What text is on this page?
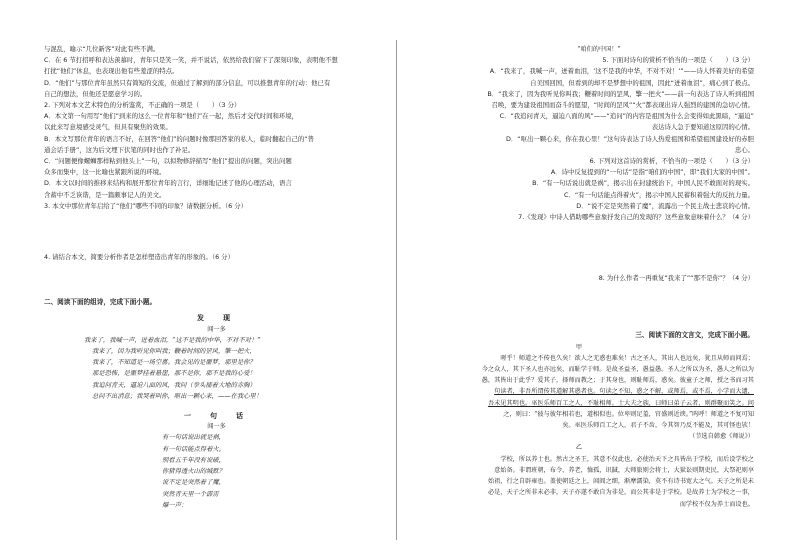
与混乱，喻示“几位新客”对此有些不满。

C．在 6 节打招呼和表达羡慕时，青年只是笑一笑，并不说话，依然给我们留下了深刻印象，表明他不想

打扰“他们”休息，也表现出他有些羞涩的特点。

D．“他们”与那位青年虽然只有简短的交流，但通过了解到的部分信息，可以推想青年的行动：他已有

自己的想法，但他还是愿意学习的。

2. 下列对本文艺术特色的分析鉴赏，不正确的一项是（　　）（3 分）

A．本文第一句用写“他们”到来的这么一位青年和“他们”在一起，然后才交代时间和环境，

以此来写意境感受灵气，但具有聚焦的效果。

B．本文写那位青年的语言不好，在回答“他们”的问题时像那回答家的私人，临时翻起自己的“普

通会话手册”，这为后文埋下伏笔的同时也作了补足。

C．“问题便像螺蛳那样粘到他头上”一句，以拟物修辞描写“他们”提出的问题，突出问题

众多而集中，这一比喻也紧跟所说的环境。

D．本文以时间的推移来结构和展开那位青年的言行，详细地记述了他的心理活动，语言

含蓄中不乏诙谐，是一篇颇事记人的美文。

3. 本文中那位青年启给了“他们”哪些不同的印象？请数据分析。（6 分）

4. 请结合本文，简要分析作者是怎样塑造出青年的形象的。（6 分）

二、阅读下面的组诗，完成下面小题。

发　现

闻一多

我来了，我喊一声，迸着血泪，“这不是我的中华，不对不对！”

我来了，因为我听见你叫我；鞭着时间的罡风，擎一把火，

我来了，不知道是一场空喜。我会见的是噩梦，那里是你？

那是恐怖，是噩梦挂着悬崖，那不是你，那不是我的心爱！

我追问青天，逼迫八面的风，我问（拳头擂着大地的赤胸）

总问不出消息；我哭着叫你，呕出一颗心来，——在我心里！

一　句　话

闻一多

有一句话说出就是祸，

有一句话能点得着火。

别看五千年没有说破，

你猜得透火山的缄默？

说不定是突然着了魔，

突然青天里一个霹雳

爆一声：

“咱们的中国！”

5. 下面对诗句的赏析不恰当的一项是（　　）（3 分）

A．“我来了，我喊一声，迸着血泪，‘这不是我的中华，不对不对！’”——诗人怀着美好的希望

自美国回国，但看到的却不是梦想中的祖国，因此“迸着血泪”，痛心到了极点。

B．“我来了，因为我听见你叫我；鞭着时间的罡风，擎一把火”——前一句表达了诗人听到祖国

召唤，要为建设祖国而奋斗的愿望，“时间的罡风”“火”都表现出诗人强烈的建国的急切心情。

C．“我追问青天，逼迫八面的风”——“追问”的内容是祖国为什么会变得如此黑暗，“逼迫”

表达诗人急于要知道这原因的心情。

D．“呕出一颗心来，你在我心里！”这句诗表达了诗人热爱祖国和希望祖国建设好的赤胆

忠心。

6. 下列对这首诗的赏析，不恰当的一项是（　　）（3 分）

A．诗中反复提到的“一句话”是指“咱们的中国”，即“我们大家的中国”。

B．“有一句话说出就是祸”，揭示出在封建统治下，中国人民不敢面对的现实。

C．“有一句话能点得着火”，揭示中国人民蓄积着强大的反抗力量。

D．“说不定是突然着了魔”，流露出一个民主战士悲哀的心情。

7.《发现》中诗人借助哪些意象抒发自己的发现的？这些意象意味着什么？（4 分）

8. 为什么作者一再重复“我来了”“那不是你”？（4 分）

三、阅读下面的文言文，完成下面小题。

甲

嗟乎！师道之不传也久矣！欲人之无惑也难矣！古之圣人，其出人也远矣，犹且从师而问焉；

今之众人，其下圣人也亦远矣，而耻学于师。是故圣益圣，愚益愚。圣人之所以为圣，愚人之所以为

愚，其皆出于此乎？爱其子，择师而教之；于其身也，则耻师焉，惑矣。彼童子之师，授之书而习其

句读者，非吾所谓传其道解其惑者也。句读之不知，惑之不解，或师焉，或不焉，小学而大遗，

吾未见其明也。巫医乐师百工之人，不耻相师。士大夫之族，曰师曰弟子云者，则群聚而笑之。问

之，则曰：“彼与彼年相若也，道相似也。位卑则足羞，官盛则近谀。”呜呼！师道之不复可知

矣。巫医乐师百工之人，君子不齿，今其智乃反不能及，其可怪也欤！

（节选自韩愈《师说》）

乙

学校，所以养士也。然古之圣王，其意不仅此也，必使治天下之具皆出于学校，而后设学校之

意始备。非谓班朝，布令，养老，恤孤，讯馘，大师旅则会将士，大狱讼则期吏民，大祭祀则享

始祖，行之自辟雍也。盖使朝廷之上，闾阎之细，渐摩濡染，莫不有诗书宽大之气。天子之所是未

必是，天子之所非未必非，天子亦遂不敢自为非是，而公其非是于学校。是故养士为学校之一事，

而学校不仅为养士而设也。
